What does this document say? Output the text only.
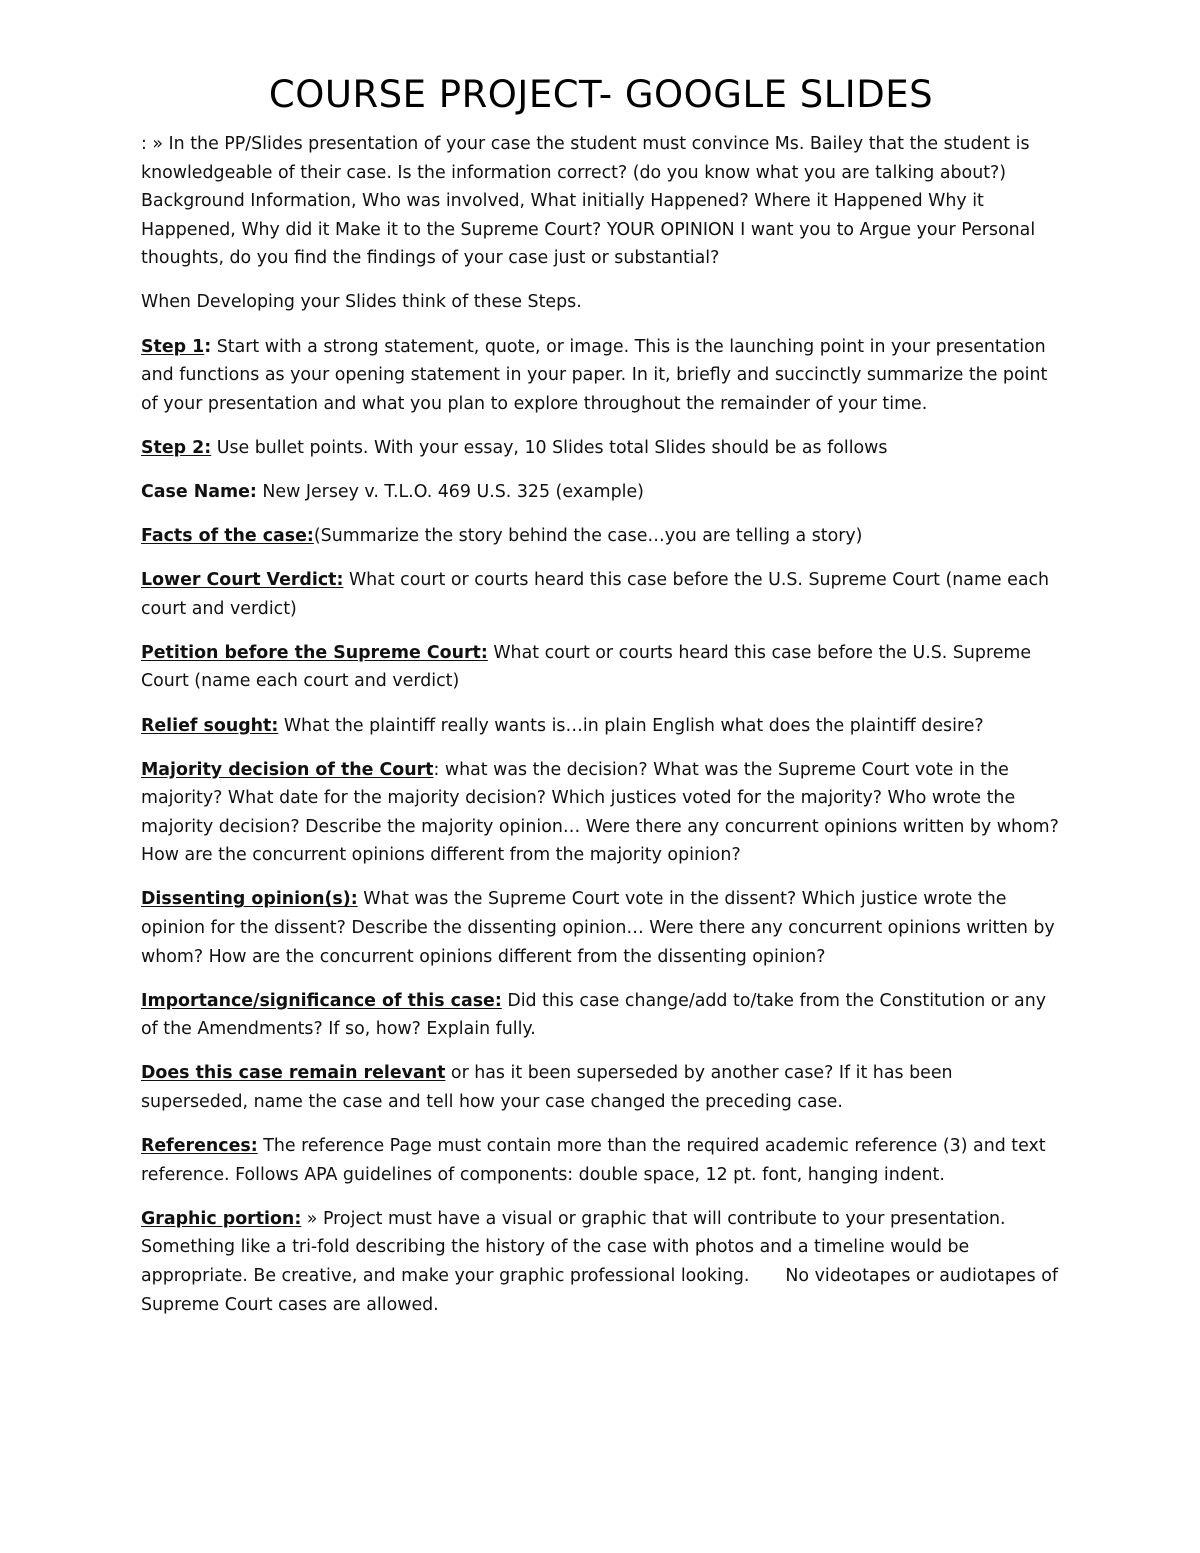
COURSE PROJECT- GOOGLE SLIDES

: » In the PP/Slides presentation of your case the student must convince Ms. Bailey that the student is knowledgeable of their case. Is the information correct? (do you know what you are talking about?) Background Information, Who was involved, What initially Happened? Where it Happened Why it Happened, Why did it Make it to the Supreme Court? YOUR OPINION I want you to Argue your Personal thoughts, do you find the findings of your case just or substantial?

When Developing your Slides think of these Steps.

Step 1: Start with a strong statement, quote, or image. This is the launching point in your presentation and functions as your opening statement in your paper. In it, briefly and succinctly summarize the point of your presentation and what you plan to explore throughout the remainder of your time.

Step 2: Use bullet points. With your essay, 10 Slides total Slides should be as follows

Case Name: New Jersey v. T.L.O. 469 U.S. 325 (example)

Facts of the case:(Summarize the story behind the case…you are telling a story)

Lower Court Verdict: What court or courts heard this case before the U.S. Supreme Court (name each court and verdict)

Petition before the Supreme Court: What court or courts heard this case before the U.S. Supreme Court (name each court and verdict)

Relief sought: What the plaintiff really wants is…in plain English what does the plaintiff desire?

Majority decision of the Court: what was the decision? What was the Supreme Court vote in the majority? What date for the majority decision? Which justices voted for the majority? Who wrote the majority decision? Describe the majority opinion… Were there any concurrent opinions written by whom? How are the concurrent opinions different from the majority opinion?

Dissenting opinion(s): What was the Supreme Court vote in the dissent? Which justice wrote the opinion for the dissent? Describe the dissenting opinion… Were there any concurrent opinions written by whom? How are the concurrent opinions different from the dissenting opinion?

Importance/significance of this case: Did this case change/add to/take from the Constitution or any of the Amendments? If so, how? Explain fully.

Does this case remain relevant or has it been superseded by another case? If it has been superseded, name the case and tell how your case changed the preceding case.

References: The reference Page must contain more than the required academic reference (3) and text reference. Follows APA guidelines of components: double space, 12 pt. font, hanging indent.

Graphic portion: » Project must have a visual or graphic that will contribute to your presentation. Something like a tri-fold describing the history of the case with photos and a timeline would be appropriate. Be creative, and make your graphic professional looking. No videotapes or audiotapes of Supreme Court cases are allowed.
